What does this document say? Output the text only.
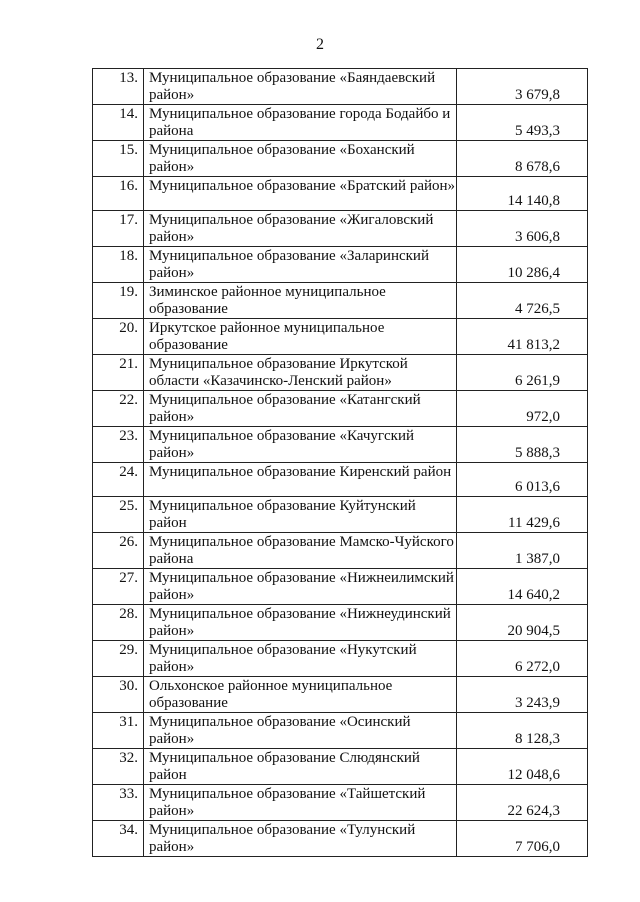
2
13.	Муниципальное образование «Баяндаевский район»	3 679,8
14.	Муниципальное образование города Бодайбо и района	5 493,3
15.	Муниципальное образование «Боханский район»	8 678,6
16.	Муниципальное образование «Братский район»	14 140,8
17.	Муниципальное образование «Жигаловский район»	3 606,8
18.	Муниципальное образование «Заларинский район»	10 286,4
19.	Зиминское районное муниципальное образование	4 726,5
20.	Иркутское районное муниципальное образование	41 813,2
21.	Муниципальное образование Иркутской области «Казачинско-Ленский район»	6 261,9
22.	Муниципальное образование «Катангский район»	972,0
23.	Муниципальное образование «Качугский район»	5 888,3
24.	Муниципальное образование Киренский район	6 013,6
25.	Муниципальное образование Куйтунский район	11 429,6
26.	Муниципальное образование Мамско-Чуйского района	1 387,0
27.	Муниципальное образование «Нижнеилимский район»	14 640,2
28.	Муниципальное образование «Нижнеудинский район»	20 904,5
29.	Муниципальное образование «Нукутский район»	6 272,0
30.	Ольхонское районное муниципальное образование	3 243,9
31.	Муниципальное образование «Осинский район»	8 128,3
32.	Муниципальное образование Слюдянский район	12 048,6
33.	Муниципальное образование «Тайшетский район»	22 624,3
34.	Муниципальное образование «Тулунский район»	7 706,0
